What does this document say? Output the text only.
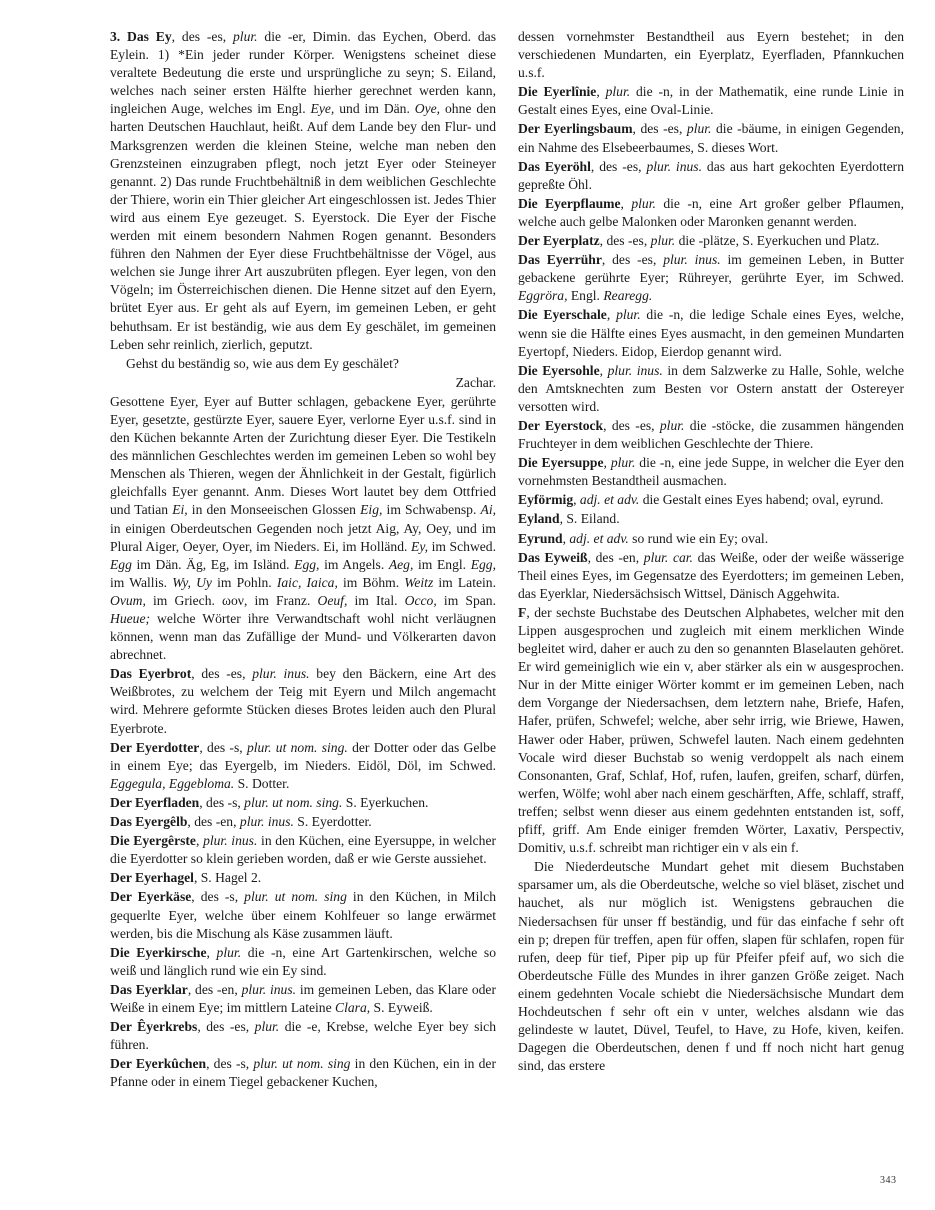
3. Das Ey, des -es, plur. die -er, Dimin. das Eychen, Oberd. das Eylein. 1) *Ein jeder runder Körper. Wenigstens scheinet diese veraltete Bedeutung die erste und ursprüngliche zu seyn; S. Eiland, welches nach seiner ersten Hälfte hierher gerechnet werden kann, ingleichen Auge, welches im Engl. Eye, und im Dän. Oye, ohne den harten Deutschen Hauchlaut, heißt. Auf dem Lande bey den Flur- und Marksgrenzen werden die kleinen Steine, welche man neben den Grenzsteinen einzugraben pflegt, noch jetzt Eyer oder Steineyer genannt. 2) Das runde Fruchtbehältniß in dem weiblichen Geschlechte der Thiere, worin ein Thier gleicher Art eingeschlossen ist. Jedes Thier wird aus einem Eye gezeuget. S. Eyerstock. Die Eyer der Fische werden mit einem besondern Nahmen Rogen genannt. Besonders führen den Nahmen der Eyer diese Fruchtbehältnisse der Vögel, aus welchen sie Junge ihrer Art auszubrüten pflegen. Eyer legen, von den Vögeln; im Österreichischen dienen. Die Henne sitzet auf den Eyern, brütet Eyer aus. Er geht als auf Eyern, im gemeinen Leben, er geht behuthsam. Er ist beständig, wie aus dem Ey geschälet, im gemeinen Leben sehr reinlich, zierlich, geputzt.

Gehst du beständig so, wie aus dem Ey geschälet?

Zachar.

Gesottene Eyer, Eyer auf Butter schlagen, gebackene Eyer, gerührte Eyer, gesetzte, gestürzte Eyer, sauere Eyer, verlorne Eyer u.s.f. sind in den Küchen bekannte Arten der Zurichtung dieser Eyer. Die Testikeln des männlichen Geschlechtes werden im gemeinen Leben so wohl bey Menschen als Thieren, wegen der Ähnlichkeit in der Gestalt, figürlich gleichfalls Eyer genannt. Anm. Dieses Wort lautet bey dem Ottfried und Tatian Ei, in den Monseeischen Glossen Eig, im Schwabensp. Ai, in einigen Oberdeutschen Gegenden noch jetzt Aig, Ay, Oey, und im Plural Aiger, Oeyer, Oyer, im Nieders. Ei, im Holländ. Ey, im Schwed. Egg im Dän. Äg, Eg, im Isländ. Egg, im Angels. Aeg, im Engl. Egg, im Wallis. Wy, Uy im Pohln. Iaic, Iaica, im Böhm. Weitz im Latein. Ovum, im Griech. ωον, im Franz. Oeuf, im Ital. Occo, im Span. Hueue; welche Wörter ihre Verwandtschaft wohl nicht verläugnen können, wenn man das Zufällige der Mund- und Völkerarten davon abrechnet.

Das Eyerbrot, des -es, plur. inus. bey den Bäckern, eine Art des Weißbrotes, zu welchem der Teig mit Eyern und Milch angemacht wird. Mehrere geformte Stücken dieses Brotes leiden auch den Plural Eyerbrote.

Der Eyerdotter, des -s, plur. ut nom. sing. der Dotter oder das Gelbe in einem Eye; das Eyergelb, im Nieders. Eidöl, Döl, im Schwed. Eggegula, Eggebloma. S. Dotter.

Der Eyerfladen, des -s, plur. ut nom. sing. S. Eyerkuchen.

Das Eyergêlb, des -en, plur. inus. S. Eyerdotter.

Die Eyergêrste, plur. inus. in den Küchen, eine Eyersuppe, in welcher die Eyerdotter so klein gerieben worden, daß er wie Gerste aussiehet.

Der Eyerhagel, S. Hagel 2.

Der Eyerkäse, des -s, plur. ut nom. sing in den Küchen, in Milch gequerlte Eyer, welche über einem Kohlfeuer so lange erwärmet werden, bis die Mischung als Käse zusammen läuft.

Die Eyerkirsche, plur. die -n, eine Art Gartenkirschen, welche so weiß und länglich rund wie ein Ey sind.

Das Eyerklar, des -en, plur. inus. im gemeinen Leben, das Klare oder Weiße in einem Eye; im mittlern Lateine Clara, S. Eyweiß.

Der Êyerkrebs, des -es, plur. die -e, Krebse, welche Eyer bey sich führen.

Der Eyerkûchen, des -s, plur. ut nom. sing in den Küchen, ein in der Pfanne oder in einem Tiegel gebackener Kuchen,

dessen vornehmster Bestandtheil aus Eyern bestehet; in den verschiedenen Mundarten, ein Eyerplatz, Eyerfladen, Pfannkuchen u.s.f.

Die Eyerlînie, plur. die -n, in der Mathematik, eine runde Linie in Gestalt eines Eyes, eine Oval-Linie.

Der Eyerlingsbaum, des -es, plur. die -bäume, in einigen Gegenden, ein Nahme des Elsebeerbaumes, S. dieses Wort.

Das Eyeröhl, des -es, plur. inus. das aus hart gekochten Eyerdottern gepreßte Öhl.

Die Eyerpflaume, plur. die -n, eine Art großer gelber Pflaumen, welche auch gelbe Malonken oder Maronken genannt werden.

Der Eyerplatz, des -es, plur. die -plätze, S. Eyerkuchen und Platz.

Das Eyerrühr, des -es, plur. inus. im gemeinen Leben, in Butter gebackene gerührte Eyer; Rühreyer, gerührte Eyer, im Schwed. Eggröra, Engl. Rearegg.

Die Eyerschale, plur. die -n, die ledige Schale eines Eyes, welche, wenn sie die Hälfte eines Eyes ausmacht, in den gemeinen Mundarten Eyertopf, Nieders. Eidop, Eierdop genannt wird.

Die Eyersohle, plur. inus. in dem Salzwerke zu Halle, Sohle, welche den Amtsknechten zum Besten vor Ostern anstatt der Ostereyer versotten wird.

Der Eyerstock, des -es, plur. die -stöcke, die zusammen hängenden Fruchteyer in dem weiblichen Geschlechte der Thiere.

Die Eyersuppe, plur. die -n, eine jede Suppe, in welcher die Eyer den vornehmsten Bestandtheil ausmachen.

Eyförmig, adj. et adv. die Gestalt eines Eyes habend; oval, eyrund.

Eyland, S. Eiland.

Eyrund, adj. et adv. so rund wie ein Ey; oval.

Das Eyweiß, des -en, plur. car. das Weiße, oder der weiße wässerige Theil eines Eyes, im Gegensatze des Eyerdotters; im gemeinen Leben, das Eyerklar, Niedersächsisch Wittsel, Dänisch Aggehwita.

F, der sechste Buchstabe des Deutschen Alphabetes, welcher mit den Lippen ausgesprochen und zugleich mit einem merklichen Winde begleitet wird, daher er auch zu den so genannten Blaselauten gehöret. Er wird gemeiniglich wie ein v, aber stärker als ein w ausgesprochen. Nur in der Mitte einiger Wörter kommt er im gemeinen Leben, nach dem Vorgange der Niedersachsen, dem letztern nahe, Briefe, Hafen, Hafer, prüfen, Schwefel; welche, aber sehr irrig, wie Briewe, Hawen, Hawer oder Haber, prüwen, Schwefel lauten. Nach einem gedehnten Vocale wird dieser Buchstab so wenig verdoppelt als nach einem Consonanten, Graf, Schlaf, Hof, rufen, laufen, greifen, scharf, dürfen, werfen, Wölfe; wohl aber nach einem geschärften, Affe, schlaff, straff, treffen; selbst wenn dieser aus einem gedehnten entstanden ist, soff, pfiff, griff. Am Ende einiger fremden Wörter, Laxativ, Perspectiv, Domitiv, u.s.f. schreibt man richtiger ein v als ein f.

Die Niederdeutsche Mundart gehet mit diesem Buchstaben sparsamer um, als die Oberdeutsche, welche so viel bläset, zischet und hauchet, als nur möglich ist. Wenigstens gebrauchen die Niedersachsen für unser ff beständig, und für das einfache f sehr oft ein p; drepen für treffen, apen für offen, slapen für schlafen, ropen für rufen, deep für tief, Piper pip up für Pfeifer pfeif auf, wo sich die Oberdeutsche Fülle des Mundes in ihrer ganzen Größe zeiget. Nach einem gedehnten Vocale schiebt die Niedersächsische Mundart dem Hochdeutschen f sehr oft ein v unter, welches alsdann wie das gelindeste w lautet, Düvel, Teufel, to Have, zu Hofe, kiven, keifen. Dagegen die Oberdeutschen, denen f und ff noch nicht hart genug sind, das erstere

343
